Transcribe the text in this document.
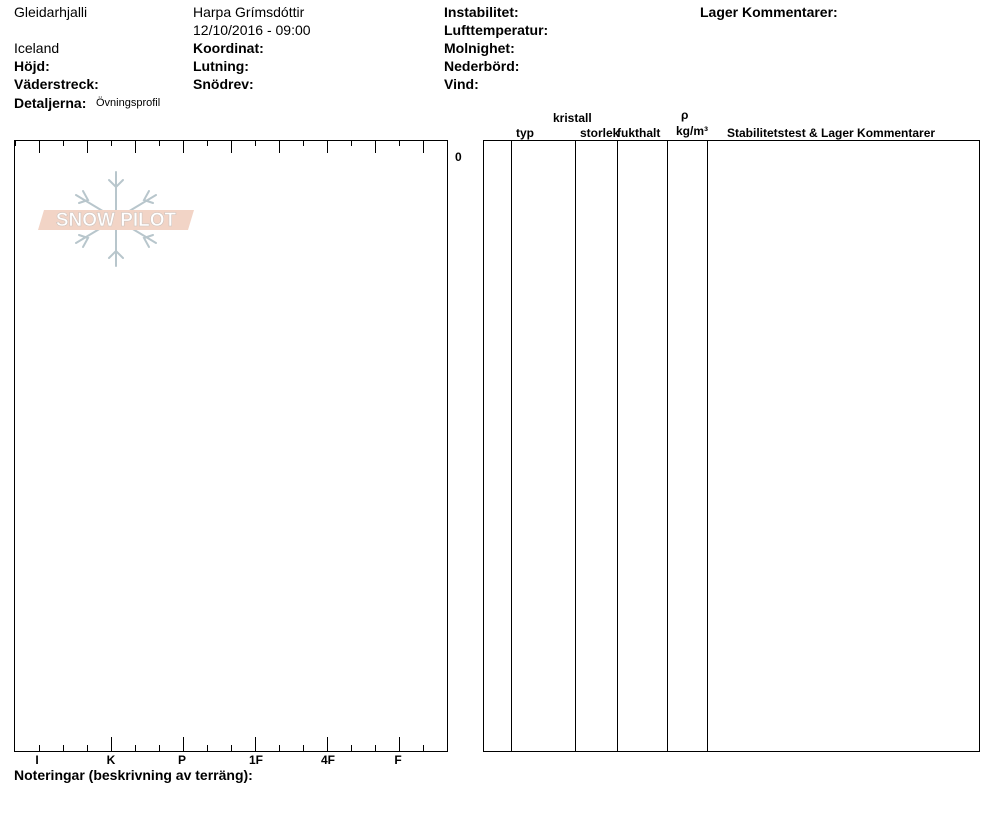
Gleidarhjalli
Iceland
Höjd:
Väderstreck:
Detaljerna: Övningsprofil
Harpa Grímsdóttir
12/10/2016 - 09:00
Koordinat:
Lutning:
Snödrev:
Instabilitet:
Lufttemperatur:
Molnighet:
Nederbörd:
Vind:
Lager Kommentarer:
0
I	K	P	1F	4F	F
SNOW PILOT
kristall
typ	storlek
fukthalt
ρ
kg/m³ Stabilitetstest & Lager Kommentarer
Noteringar (beskrivning av terräng):
